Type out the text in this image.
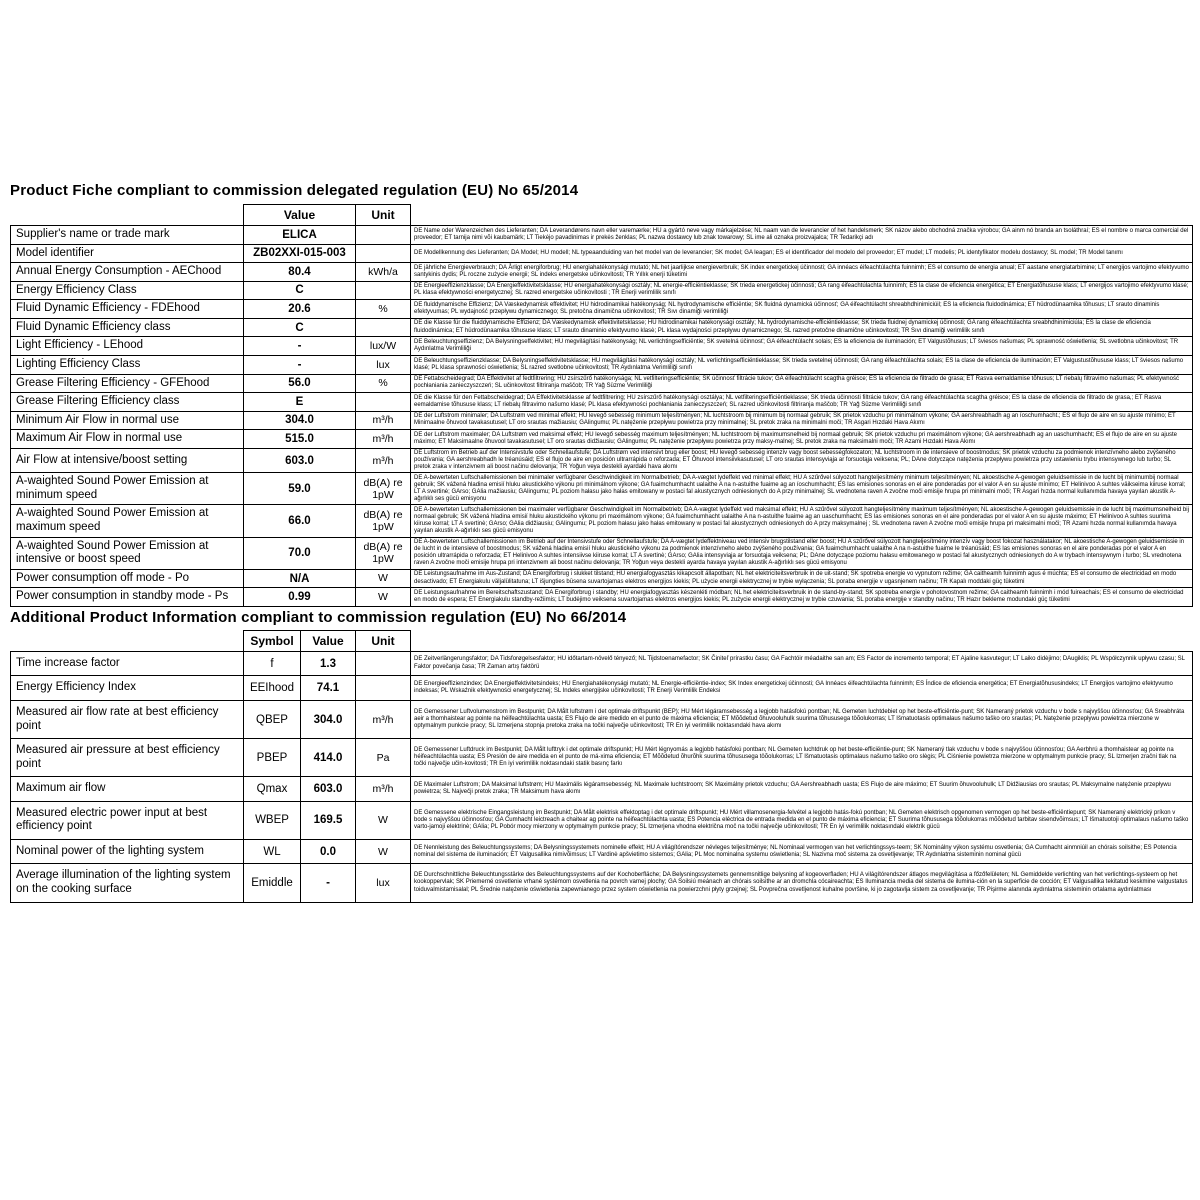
Product Fiche compliant to commission delegated regulation (EU) No 65/2014
	Value	Unit	
Supplier's name or trade mark	ELICA		DE Name oder Warenzeichen des Lieferanten; DA Leverandørens navn eller varemærke; HU a gyártó neve vagy márkajelzése; NL naam van de leverancier of het handelsmerk; SK názov alebo obchodná značka výrobcu; GA ainm nó branda an tsoláthraí; ES el nombre o marca comercial del proveedor; ET tarnija nimi või kaubamärk; LT Tiekėjo pavadinimas ir prekės ženklas; PL nazwa dostawcy lub znak towarowy; SL ime ali oznaka proizvajalca; TR Tedarikçi adı
Model identifier	ZB02XXI-015-003		DE Modellkennung des Lieferanten; DA Model; HU modell; NL typeaanduiding van het model van de leverancier; SK model; GA leagan; ES el identificador del modelo del proveedor; ET mudel; LT modelis; PL identyfikator modelu dostawcy; SL model; TR Model tanımı
Annual Energy Consumption - AEChood	80.4	kWh/a	DE jährliche Energieverbrauch; DA Årligt energiforbrug; HU energiahatékonysági mutató; NL het jaarlijkse energieverbruik; SK index energetickej účinnosti; GA innéacs éifeachtúlachta fuinnimh; ES el consumo de energia anual; ET aastane energiatarbimine; LT energijos vartojimo efektyvumo santykinis dydis; PL roczne zużycie energii; SL indeks energetske učinkovitosti; TR Yıllık enerji tüketimi
Energy Efficiency Class	C		DE Energieeffizienzklasse; DA Energieffektivitetsklasse; HU energiahatékonysági osztály; NL energie-efficiëntieklasse; SK trieda energetickej účinnosti; GA rang éifeachtúlachta fuinnimh; ES la clase de eficiencia energética; ET Energiatõhususe klass; LT energijos vartojimo efektyvumo klasė; PL klasa efektywności energetycznej; SL razred energetske učinkovitosti ; TR Enerji verimlilik sınıfı
Fluid Dynamic Efficiency - FDEhood	20.6	%	DE fluiddynamische Effizienz; DA Væskedynamisk effektivitet; HU hidrodinamikai hatékonyság; NL hydrodynamische efficiëntie; SK fluidná dynamická účinnosť; GA éifeachtúlacht shreabhdhinimiciúil; ES la eficiencia fluidodinámica; ET hüdrodünaamika tõhusus; LT srauto dinaminis efektyvumas; PL wydajność przepływu dynamicznego; SL pretočna dinamična učinkovitost; TR Sıvı dinamiği verimliliği
Fluid Dynamic Efficiency class	C		DE die Klasse für die fluiddynamische Effizienz; DA Væskedynamisk effektivitetsklasse; HU hidrodinamikai hatékonysági osztály; NL hydrodynamische-efficiëntieklasse; SK trieda fluidnej dynamickej účinnosti; GA rang éifeachtúlachta sreabhdhinimiciúla; ES la clase de eficiencia fluidodinámica; ET hüdrodünaamika tõhususe klass; LT srauto dinaminio efektyvumo klasė; PL klasa wydajności przepływu dynamicznego; SL razred pretočne dinamične učinkovitosti; TR Sıvı dinamiği verimlilik sınıfı
Light Efficiency - LEhood	-	lux/W	DE Beleuchtungseffizienz; DA Belysningseffektivitet; HU megvilágítási hatékonyság; NL verlichtingsefficiëntie; SK svetelná účinnosť; GA éifeachtúlacht solais; ES la eficiencia de iluminación; ET Valgustõhusus; LT šviesos našumas; PL sprawność oświetlenia; SL svetlobna učinkovitost; TR Aydınlatma Verimliliği
Lighting Efficiency Class	-	lux	DE Beleuchtungseffizienzklasse; DA Belysningseffektivitetsklasse; HU megvilágítási hatékonysági osztály; NL verlichtingsefficiëntieklasse; SK trieda svetelnej účinnosti; GA rang éifeachtúlachta solais; ES la clase de eficiencia de iluminación; ET Valgustustõhususe klass; LT šviesos našumo klasė; PL klasa sprawności oświetlenia; SL razred svetlobne učinkovitosti; TR Aydınlatma Verimliliği sınıfı
Grease Filtering Efficiency - GFEhood	56.0	%	DE Fettabscheidegrad; DA Effektivitet af fedtfiltrering; HU zsírszűrő hatékonysága; NL vetfilteringsefficiëntie; SK účinnosť filtrácie tukov; GA éifeachtúlacht scagtha gréisce; ES la eficiencia de filtrado de grasa; ET Rasva eemaldamise tõhusus; LT riebalų filtravimo našumas; PL efektywność pochłaniania zanieczyszczeń; SL učinkovitost filtriranja maščob; TR Yağ Süzme Verimliliği
Grease Filtering Efficiency class	E		DE die Klasse für den Fettabscheidegrad; DA Effektivitetsklasse af fedtfiltrering; HU zsírszűrő hatékonysági osztálya; NL vetfilteringsefficiëntieklasse; SK trieda účinnosti filtrácie tukov; GA rang éifeachtúlachta scagtha gréisce; ES la clase de eficiencia de filtrado de grasa,; ET Rasva eemaldamise tõhususe klass; LT riebalų filtravimo našumo klasė; PL klasa efektywności pochłaniania zanieczyszczeń; SL razred učinkovitosti filtriranja maščob; TR Yağ Süzme Verimliliği sınıfı
Minimum Air Flow in normal use	304.0	m³/h	DE der Luftstrom minimaler; DA Luftstrøm ved minimal effekt; HU levegő sebesség minimum teljesítményen; NL luchtstroom bij minimum bij normaal gebruik; SK prietok vzduchu pri minimálnom výkone; GA aershreabhadh ag an íoschumhacht.; ES el flujo de aire en su ajuste mínimo; ET Minimaalne õhuvool tavakasutusel; LT oro srautas mažiausiu; GAlingumu; PL natężenie przepływu powietrza przy minimalnej; SL pretok zraka na minimalni moči; TR Asgari Hızdaki Hava Akımı
Maximum Air Flow in normal use	515.0	m³/h	DE der Luftstrom maximaler; DA Luftstrøm ved maksimal effekt; HU levegő sebesség maximum teljesítményen; NL luchtstroom bij maximumsnelheid bij normaal gebruik; SK prietok vzduchu pri maximálnom výkone; GA aershreabhadh ag an uaschumhacht; ES el flujo de aire en su ajuste máximo; ET Maksimaalne õhuvool tavakasutusel; LT oro srautas didžiausiu; GAlingumu; PL natężenie przepływu powietrza przy maksy-malnej; SL pretok zraka na maksimalni moči; TR Azami Hızdaki Hava Akımı
Air Flow at intensive/boost setting	603.0	m³/h	DE Luftstrom im Betrieb auf der Intensivstufe oder Schnellaufstufe; DA Luftstrøm ved intensivt brug eller boost; HU levegő sebesség intenzív vagy boost sebességfokozaton; NL luchtstroom in de intensieve of boostmodus; SK prietok vzduchu za podmienok intenzívneho alebo zvýšeného používania; GA aershreabhadh le tréanúsáid; ES el flujo de aire en posición ultrarrápida o reforzada; ET Õhuvool intensiivkasutusel; LT oro srautas intensyviąja ar forsuotąja veiksena; PL; DAne dotyczące natężenia przepływu powietrza przy ustawieniu trybu intensywnego lub turbo; SL pretok zraka v intenzivnem ali boost načinu delovanja; TR Yoğun veya destekli ayardaki hava akımı
A-waighted Sound Power Emission at minimum speed	59.0	dB(A) re 1pW	DE A-bewerteten Luftschallemissionen bei minimaler verfügbarer Geschwindigkeit im Normalbetrieb; DA A-vægtet lydeffekt ved minimal effekt; HU A szűrővel súlyozott hangteljesítmény minimum teljesítményen; NL akoestische A-gewogen geluidsemissie in de lucht bij minimumbij normaal gebruik; SK vážená hladina emisií hluku akustického výkonu pri minimálnom výkone; GA fuaimchumhacht ualaithe A na n-astuithe fuaime ag an íoschumhacht; ES las emisiones sonoras en el aire ponderadas por el valor A en su ajuste mínimo; ET Helinivoo A suhtes väikseima kiiruse korral; LT A svertinė; GArso; GAlia mažiausiu; GAlingumu; PL poziom hałasu jako hałas emitowany w postaci fal akustycznych odniesionych do A przy minimalnej; SL vrednotena raven A zvočne moči emisije hrupa pri minimalni moči; TR Asgari hızda normal kullanımda havaya yayılan akustik A-ağırlıklı ses gücü emisyonu
A-waighted Sound Power Emission at maximum speed	66.0	dB(A) re 1pW	DE A-bewerteten Luftschallemissionen bei maximaler verfügbarer Geschwindigkeit im Normalbetrieb; DA A-vægtet lydeffekt ved maksimal effekt; HU A szűrővel súlyozott hangteljesítmény maximum teljesítményen; NL akoestische A-gewogen geluidsemissie in de lucht bij maximumsnelheid bij normaal gebruik; SK vážená hladina emisií hluku akustického výkonu pri maximálnom výkone; GA fuaimchumhacht ualaithe A na n-astuithe fuaime ag an uaschumhacht; ES las emisiones sonoras en el aire ponderadas por el valor A en su ajuste máximo; ET Helinivoo A suhtes suurima kiiruse korral; LT A svertinė; GArso; GAlia didžiausiu; GAlingumu; PL poziom hałasu jako hałas emitowany w postaci fal akustycznych odniesionych do A przy maksymalnej ; SL vrednotena raven A zvočne moči emisije hrupa pri maksimalni moči; TR Azami hızda normal kullanımda havaya yayılan akustik A-ağırlıklı ses gücü emisyonu
A-waighted Sound Power Emission at intensive or boost speed	70.0	dB(A) re 1pW	DE A-bewerteten Luftschallemissionen im Betrieb auf der Intensivstufe oder Schnellaufstufe; DA A-vægtet lydeffektniveau ved intensiv brugstilstand eller boost; HU A szűrővel súlyozott hangteljesítmény intenzív vagy boost fokozat használatakor; NL akoestische A-gewogen geluidsemissie in de lucht in de intensieve of boostmodus; SK vážená hladina emisií hluku akustického výkonu za podmienok intenzívneho alebo zvýšeného používania; GA fuaimchumhacht ualaithe A na n-astuithe fuaime le tréanúsáid; ES las emisiones sonoras en el aire ponderadas por el valor A en posición ultrarrápida o reforzada; ET Helinivoo A suhtes intensiivse kiiruse korral; LT A svertinė; GArso; GAlia intensyviąja ar forsuotąja veiksena; PL; DAne dotyczące poziomu hałasu emitowanego w postaci fal akustycznych odniesionych do A w trybach intensywnym i turbo; SL vrednotena raven A zvočne moči emisije hrupa pri intenzivnem ali boost načinu delovanja; TR Yoğun veya destekli ayarda havaya yayılan akustik A-ağırlıklı ses gücü emisyonu
Power consumption off mode - Po	N/A	W	DE Leistungsaufnahme im Aus-Zustand; DA Energiforbrug i slukket tilstand; HU energiafogyasztás kikapcsolt állapotban; NL het elektriciteitsverbruik in de uit-stand; SK spotreba energie vo vypnutom režime; GA caitheamh fuinnimh agus é múchta; ES el consumo de electricidad en modo desactivado; ET Energiakulu väljalülitatuna; LT išjungties būsena suvartojamas elektros energijos kiekis; PL użycie energii elektrycznej w trybie wyłączenia; SL poraba energije v ugasnjenem načinu; TR Kapalı moddaki güç tüketimi
Power consumption in standby mode - Ps	0.99	W	DE Leistungsaufnahme im Bereitschaftszustand; DA Energiforbrug i standby; HU energiafogyasztás készenléti módban; NL het elektriciteitsverbruik in de stand-by-stand; SK spotreba energie v pohotovostnom režime; GA caitheamh fuinnimh i mód fuireachais; ES el consumo de electricidad en modo de espera; ET Energiakulu standby-režiimis; LT budėjimo veiksena suvartojamas elektros energijos kiekis; PL zużycie energii elektrycznej w trybie czuwania; SL poraba energije v standby načinu; TR Hazır bekleme modundaki güç tüketimi
Additional Product Information compliant to commission regulation (EU) No 66/2014
	Symbol	Value	Unit	
Time increase factor	f	1.3		DE Zeitverlängerungsfaktor; DA Tidsforøgelsesfaktor; HU időtartam-növelő tényező; NL Tijdstoenamefactor; SK Činiteľ prírastku času; GA Fachtóir méadaithe san am; ES Factor de incremento temporal; ET Ajaline kasvutegur; LT Laiko didėjimo; DAugiklis; PL Współczynnik upływu czasu; SL Faktor povečanja časa; TR Zaman artış faktörü
Energy Efficiency Index	EEIhood	74.1		DE Energieeffizienzindex; DA Energieffektivitetsindeks; HU Energiahatékonysági mutató; NL Energie-efficiëntie-index; SK Index energetickej účinnosti; GA Innéacs éifeachtúlachta fuinnimh; ES Índice de eficiencia energética; ET Energiatõhususindeks; LT Energijos vartojimo efektyvumo indeksas; PL Wskaźnik efektywności energetycznej; SL Indeks energijske učinkovitosti; TR Enerji Verimlilik Endeksi
Measured air flow rate at best efficiency point	QBEP	304.0	m³/h	DE Gemessener Luftvolumenstrom im Bestpunkt; DA Målt luftstrøm i det optimale driftspunkt (BEP); HU Mért légáramsebesség a legjobb hatásfokú pontban; NL Gemeten luchtdebiet op het beste-efficiëntie-punt; SK Nameraný prietok vzduchu v bode s najvyššou účinnosťou; GA Sreabhráta aeir a thomhaistear ag pointe na héifeachtúlachta uasta; ES Flujo de aire medido en el punto de máxima eficiencia; ET Mõõdetud õhuvooluhulk suurima tõhususega töõolukorras; LT Išmatuotasis optimalaus našumo taško oro srautas; PL Natężenie przepływu powietrza mierzone w optymalnym punkcie pracy; SL Izmerjena stopnja pretoka zraka na točki največje učinkovitosti; TR En iyi verimlilik noktasındaki hava akımı
Measured air pressure at best efficiency point	PBEP	414.0	Pa	DE Gemessener Luftdruck im Bestpunkt; DA Målt lufttryk i det optimale driftspunkt; HU Mért légnyomás a legjobb hatásfokú pontban; NL Gemeten luchtdruk op het beste-efficiëntie-punt; SK Nameraný tlak vzduchu v bode s najvyššou účinnosťou; GA Aerbhrú a thomhaistear ag pointe na héifeachtúlachta uasta; ES Presión de aire medida en el punto de má-xima eficiencia; ET Mõõdetud õhurõhk suurima tõhususega töõolukorras; LT Išmatuotasis optimalaus našumo taško oro slėgis; PL Ciśnienie powietrza mierzone w optymalnym punkcie pracy; SL Izmerjen zračni tlak na točki največje učin-kovitosti; TR En iyi verimlilik noktasındaki statik basınç farkı
Maximum air flow	Qmax	603.0	m³/h	DE Maximaler Luftstrom; DA Maksimal luftstrøm; HU Maximális légáramsebesség; NL Maximale luchtstroom; SK Maximálny prietok vzduchu; GA Aershreabhadh uasta; ES Flujo de aire máximo; ET Suurim õhuvooluhulk; LT Didžiausias oro srautas; PL Maksymalne natężenie przepływu powietrza; SL Največji pretok zraka; TR Maksimum hava akımı
Measured electric power input at best efficiency point	WBEP	169.5	W	DE Gemessene elektrische Eingangsleistung im Bestpunkt; DA Målt elektrisk effektoptag i det optimale driftspunkt; HU Mért villamosenergia-felvétel a legjobb hatás-fokú pontban; NL Gemeten elektrisch opgenomen vermogen op het beste-efficiëntiepunt; SK Nameraný elektrický príkon v bode s najvyššou účinnosťou; GA Cumhacht leictreach a chaitear ag pointe na héifeachtúlachta uasta; ES Potencia eléctrica de entrada medida en el punto de máxima eficiencia; ET Suurima tõhususega töõolukorras mõõdetud tarbitav sisendvõimsus; LT Išmatuotoji optimalaus našumo taško varto-jamoji elektrinė; GAlia; PL Pobór mocy mierzony w optymalnym punkcie pracy; SL Izmerjena vhodna električna moč na točki največje učinkovitosti; TR En iyi verimlilik noktasındaki elektrik gücü
Nominal power of the lighting system	WL	0.0	W	DE Nennleistung des Beleuchtungssystems; DA Belysningssystemets nominelle effekt; HU A világítórendszer névleges teljesítménye; NL Nominaal vermogen van het verlichtingssys-teem; SK Nominálny výkon systému osvetlenia; GA Cumhacht ainmniúil an chórais soilsithe; ES Potencia nominal del sistema de iluminación; ET Valgusallika nimivõimsus; LT Vardinė apšvietimo sistemos; GAlia; PL Moc nominalna systemu oświetlenia; SL Nazivna moč sistema za osvetljevanje; TR Aydınlatma sisteminin nominal gücü
Average illumination of the lighting system on the cooking surface	Emiddle	-	lux	DE Durchschnittliche Beleuchtungsstärke des Beleuchtungssystems auf der Kochoberfläche; DA Belysningssystemets gennemsnitlige belysning af kogeoverfladen; HU A világítórendszer átlagos megvilágítása a főzőfelületen; NL Gemiddelde verlichting van het verlichtings-systeem op het kookoppervlak; SK Priemerné osvetlenie vrhané systémom osvetlenia na povrch varnej plochy; GA Soilsiú meánach an chórais soilsithe ar an dromchla cócaireachta; ES Iluminancia media del sistema de ilumina-ción en la superficie de cocción; ET Valgusallika tekitatud keskmine valgustatus toiduvalmistamisalal; PL Średnie natężenie oświetlenia zapewnianego przez system oświetlenia na powierzchni płyty grzejnej; SL Povprečna osvetljenost kuhalne površine, ki jo zagotavlja sistem za osvetljevanje; TR Pişirme alanında aydınlatma sisteminin ortalama aydınlatması
